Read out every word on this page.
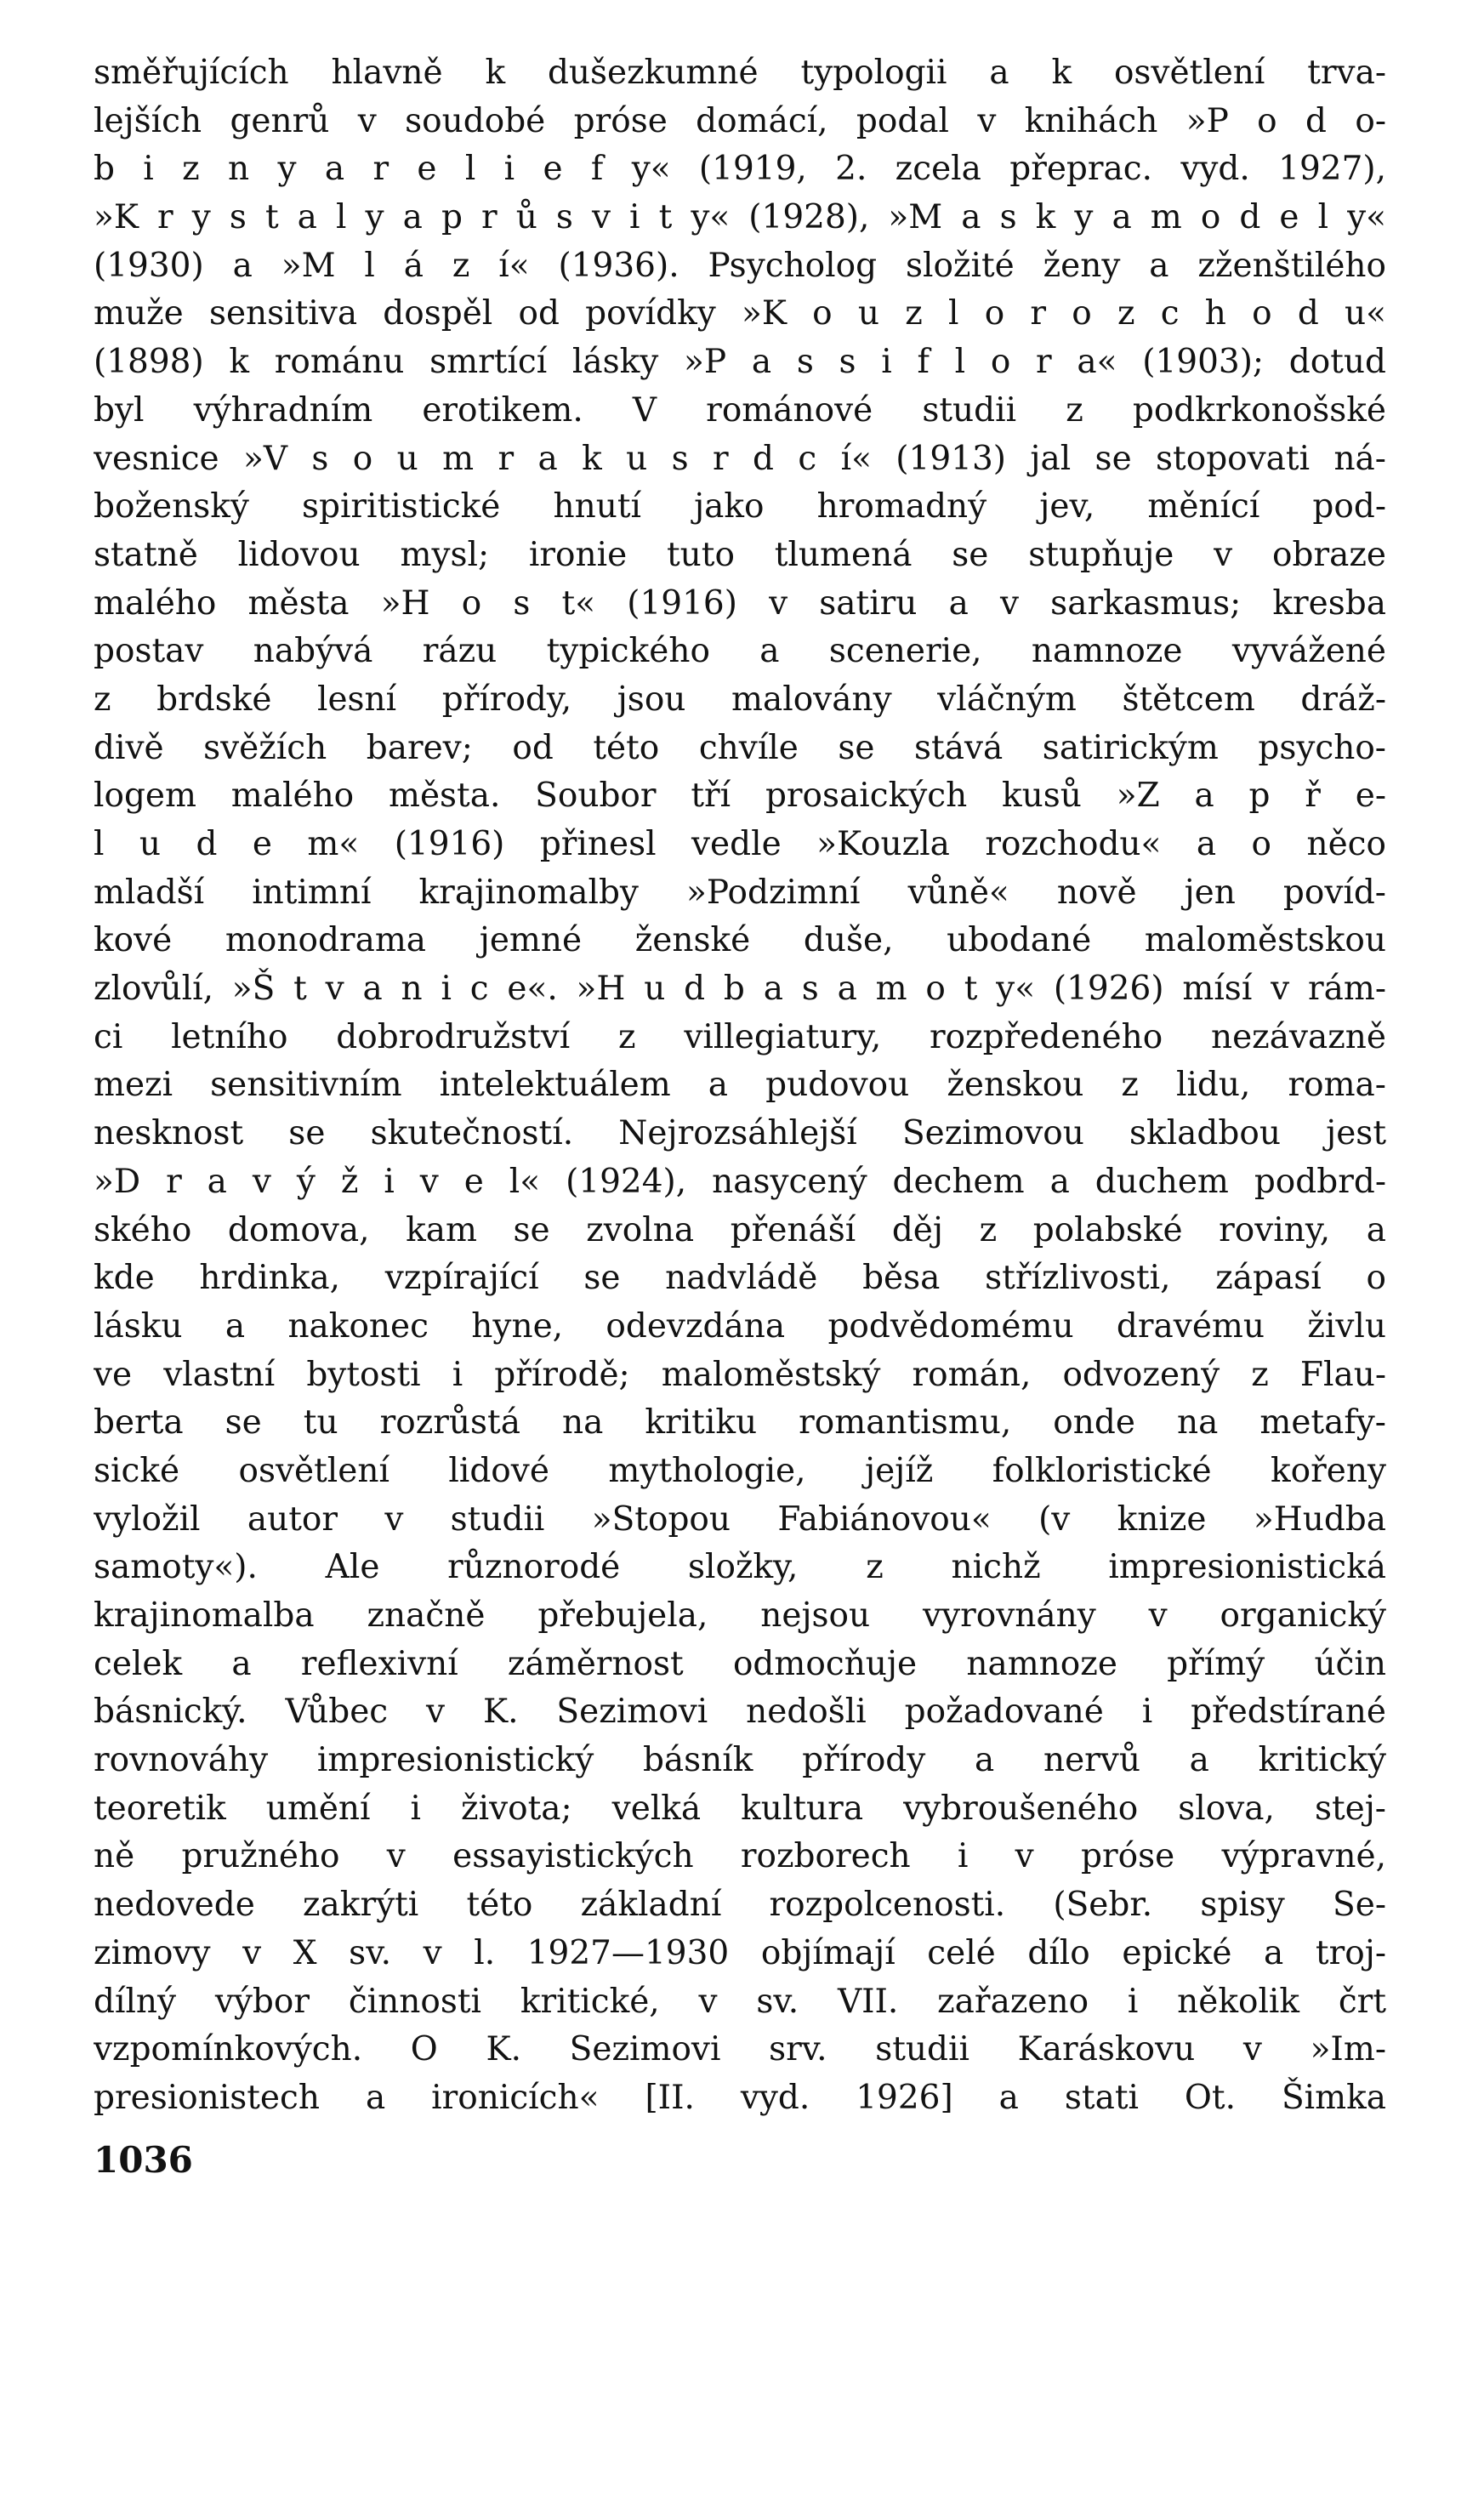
směřujících hlavně k dušezkumné typologii a k osvětlení trva-
lejších genrů v soudobé próse domácí, podal v knihách »P o d o-
b i z n y a r e l i e f y« (1919, 2. zcela přeprac. vyd. 1927),
»K r y s t a l y a p r ů s v i t y« (1928), »M a s k y a m o d e l y«
(1930) a »M l á z í« (1936). Psycholog složité ženy a zženštilého
muže sensitiva dospěl od povídky »K o u z l o r o z c h o d u«
(1898) k románu smrtící lásky »P a s s i f l o r a« (1903); dotud
byl výhradním erotikem. V románové studii z podkrkonošské
vesnice »V s o u m r a k u s r d c í« (1913) jal se stopovati ná-
boženský spiritistické hnutí jako hromadný jev, měnící pod-
statně lidovou mysl; ironie tuto tlumená se stupňuje v obraze
malého města »H o s t« (1916) v satiru a v sarkasmus; kresba
postav nabývá rázu typického a scenerie, namnoze vyvážené
z brdské lesní přírody, jsou malovány vláčným štětcem dráž-
divě svěžích barev; od této chvíle se stává satirickým psycho-
logem malého města. Soubor tří prosaických kusů »Z a p ř e-
l u d e m« (1916) přinesl vedle »Kouzla rozchodu« a o něco
mladší intimní krajinomalby »Podzimní vůně« nově jen povíd-
kové monodrama jemné ženské duše, ubodané maloměstskou
zlovůlí, »Š t v a n i c e«. »H u d b a s a m o t y« (1926) mísí v rám-
ci letního dobrodružství z villegiatury, rozpředeného nezávazně
mezi sensitivním intelektuálem a pudovou ženskou z lidu, roma-
nesknost se skutečností. Nejrozsáhlejší Sezimovou skladbou jest
»D r a v ý ž i v e l« (1924), nasycený dechem a duchem podbrd-
ského domova, kam se zvolna přenáší děj z polabské roviny, a
kde hrdinka, vzpírající se nadvládě běsa střízlivosti, zápasí o
lásku a nakonec hyne, odevzdána podvědomému dravému živlu
ve vlastní bytosti i přírodě; maloměstský román, odvozený z Flau-
berta se tu rozrůstá na kritiku romantismu, onde na metafy-
sické osvětlení lidové mythologie, jejíž folkloristické kořeny
vyložil autor v studii »Stopou Fabiánovou« (v knize »Hudba
samoty«). Ale různorodé složky, z nichž impresionistická
krajinomalba značně přebujela, nejsou vyrovnány v organický
celek a reflexivní záměrnost odmocňuje namnoze přímý účin
básnický. Vůbec v K. Sezimovi nedošli požadované i předstírané
rovnováhy impresionistický básník přírody a nervů a kritický
teoretik umění i života; velká kultura vybroušeného slova, stej-
ně pružného v essayistických rozborech i v próse výpravné,
nedovede zakrýti této základní rozpolcenosti. (Sebr. spisy Se-
zimovy v X sv. v l. 1927—1930 objímají celé dílo epické a troj-
dílný výbor činnosti kritické, v sv. VII. zařazeno i několik črt
vzpomínkových. O K. Sezimovi srv. studii Karáskovu v »Im-
presionistech a ironicích« [II. vyd. 1926] a stati Ot. Šimka
1036
